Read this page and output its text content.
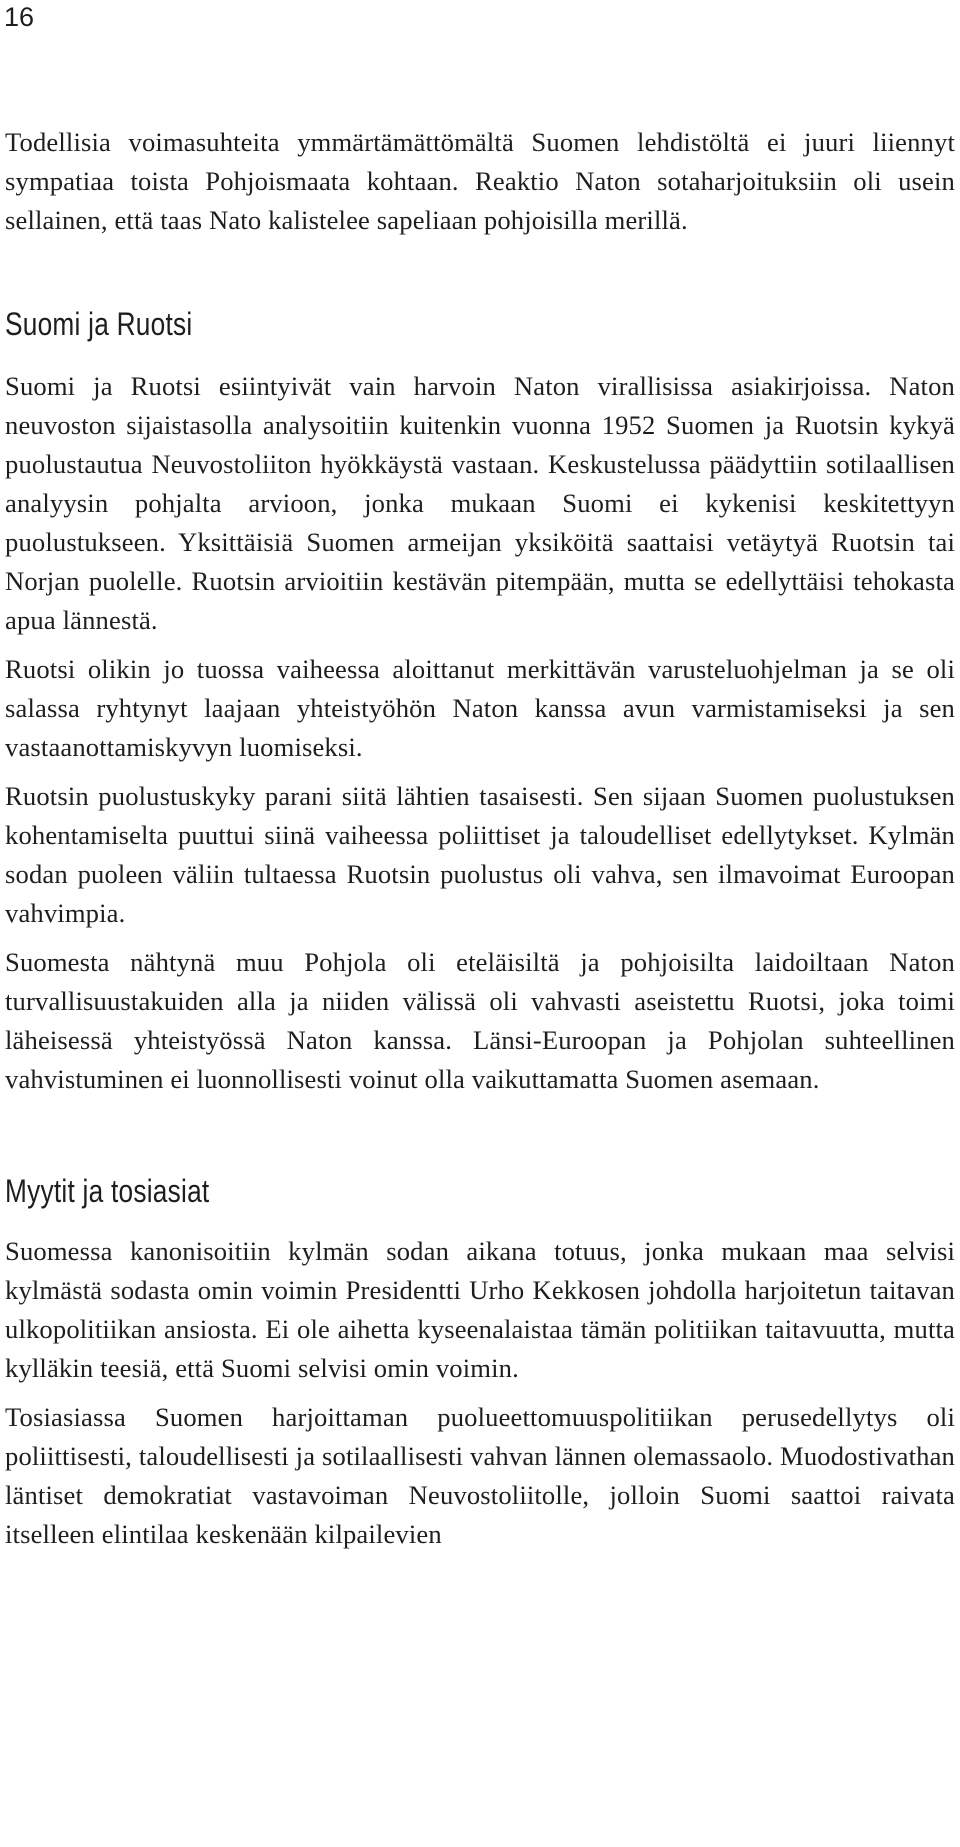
16

Todellisia voimasuhteita ymmärtämättömältä Suomen lehdistöltä ei juuri liiennyt sympatiaa toista Pohjoismaata kohtaan. Reaktio Naton sotaharjoituksiin oli usein sellainen, että taas Nato kalistelee sapeliaan pohjoisilla merillä.

Suomi ja Ruotsi

Suomi ja Ruotsi esiintyivät vain harvoin Naton virallisissa asiakirjoissa. Naton neuvoston sijaistasolla analysoitiin kuitenkin vuonna 1952 Suomen ja Ruotsin kykyä puolustautua Neuvostoliiton hyökkäystä vastaan. Keskustelussa päädyttiin sotilaallisen analyysin pohjalta arvioon, jonka mukaan Suomi ei kykenisi keskitettyyn puolustukseen. Yksittäisiä Suomen armeijan yksiköitä saattaisi vetäytyä Ruotsin tai Norjan puolelle. Ruotsin arvioitiin kestävän pitempään, mutta se edellyttäisi tehokasta apua lännestä.

Ruotsi olikin jo tuossa vaiheessa aloittanut merkittävän varusteluohjelman ja se oli salassa ryhtynyt laajaan yhteistyöhön Naton kanssa avun varmistamiseksi ja sen vastaanottamiskyvyn luomiseksi.

Ruotsin puolustuskyky parani siitä lähtien tasaisesti. Sen sijaan Suomen puolustuksen kohentamiselta puuttui siinä vaiheessa poliittiset ja taloudelliset edellytykset. Kylmän sodan puoleen väliin tultaessa Ruotsin puolustus oli vahva, sen ilmavoimat Euroopan vahvimpia.

Suomesta nähtynä muu Pohjola oli eteläisiltä ja pohjoisilta laidoiltaan Naton turvallisuustakuiden alla ja niiden välissä oli vahvasti aseistettu Ruotsi, joka toimi läheisessä yhteistyössä Naton kanssa. Länsi-Euroopan ja Pohjolan suhteellinen vahvistuminen ei luonnollisesti voinut olla vaikuttamatta Suomen asemaan.

Myytit ja tosiasiat

Suomessa kanonisoitiin kylmän sodan aikana totuus, jonka mukaan maa selvisi kylmästä sodasta omin voimin Presidentti Urho Kekkosen johdolla harjoitetun taitavan ulkopolitiikan ansiosta. Ei ole aihetta kyseenalaistaa tämän politiikan taitavuutta, mutta kylläkin teesiä, että Suomi selvisi omin voimin.

Tosiasiassa Suomen harjoittaman puolueettomuuspolitiikan perusedellytys oli poliittisesti, taloudellisesti ja sotilaallisesti vahvan lännen olemassaolo. Muodostivathan läntiset demokratiat vastavoiman Neuvostoliitolle, jolloin Suomi saattoi raivata itselleen elintilaa keskenään kilpailevien
